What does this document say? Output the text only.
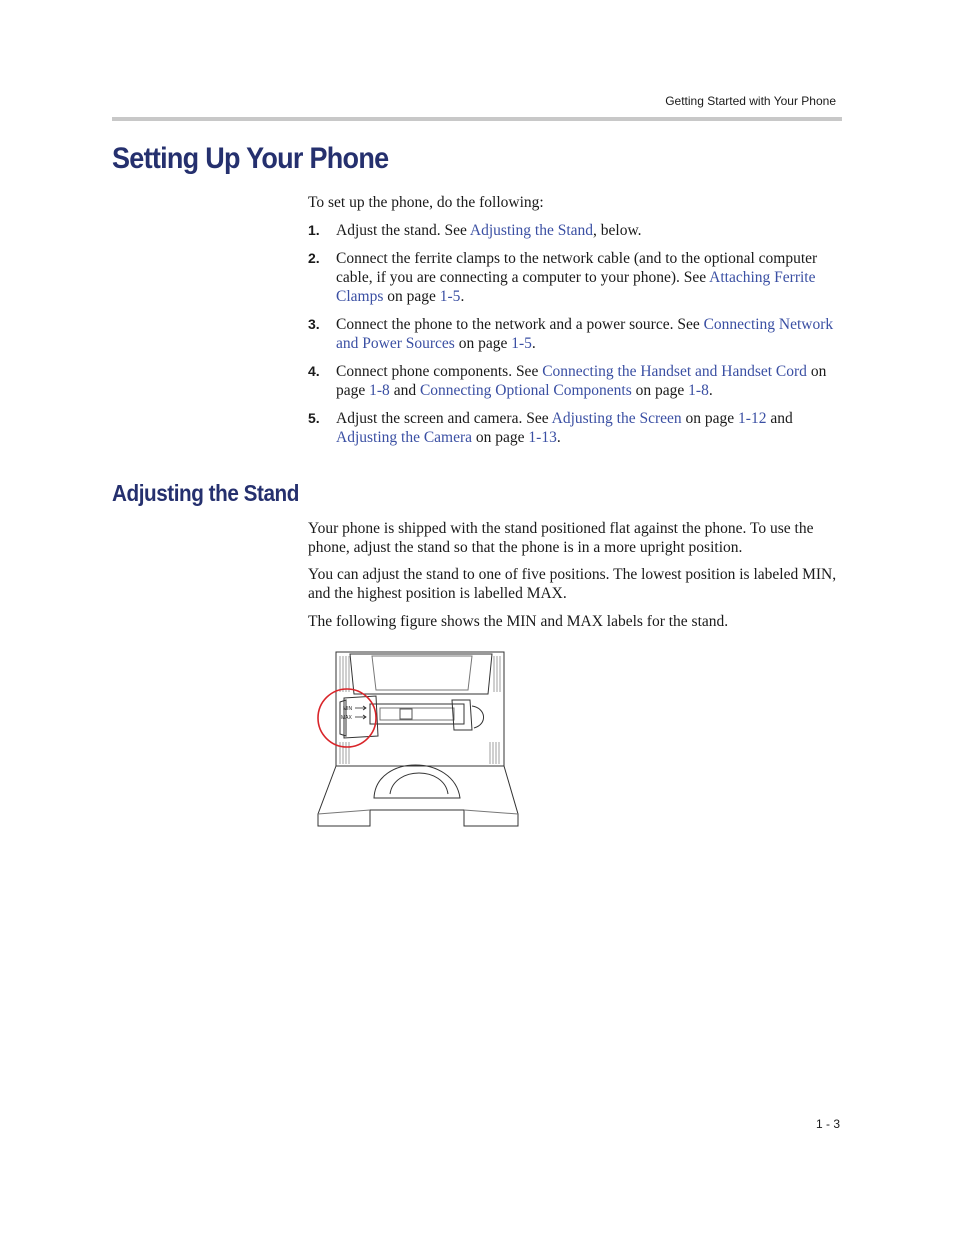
Getting Started with Your Phone
Setting Up Your Phone
To set up the phone, do the following:
1. Adjust the stand. See Adjusting the Stand, below.
2. Connect the ferrite clamps to the network cable (and to the optional computer cable, if you are connecting a computer to your phone). See Attaching Ferrite Clamps on page 1-5.
3. Connect the phone to the network and a power source. See Connecting Network and Power Sources on page 1-5.
4. Connect phone components. See Connecting the Handset and Handset Cord on page 1-8 and Connecting Optional Components on page 1-8.
5. Adjust the screen and camera. See Adjusting the Screen on page 1-12 and Adjusting the Camera on page 1-13.
Adjusting the Stand

Your phone is shipped with the stand positioned flat against the phone. To use the phone, adjust the stand so that the phone is in a more upright position.

You can adjust the stand to one of five positions. The lowest position is labeled MIN, and the highest position is labelled MAX.

The following figure shows the MIN and MAX labels for the stand.

MIN
MAX
1 - 3
